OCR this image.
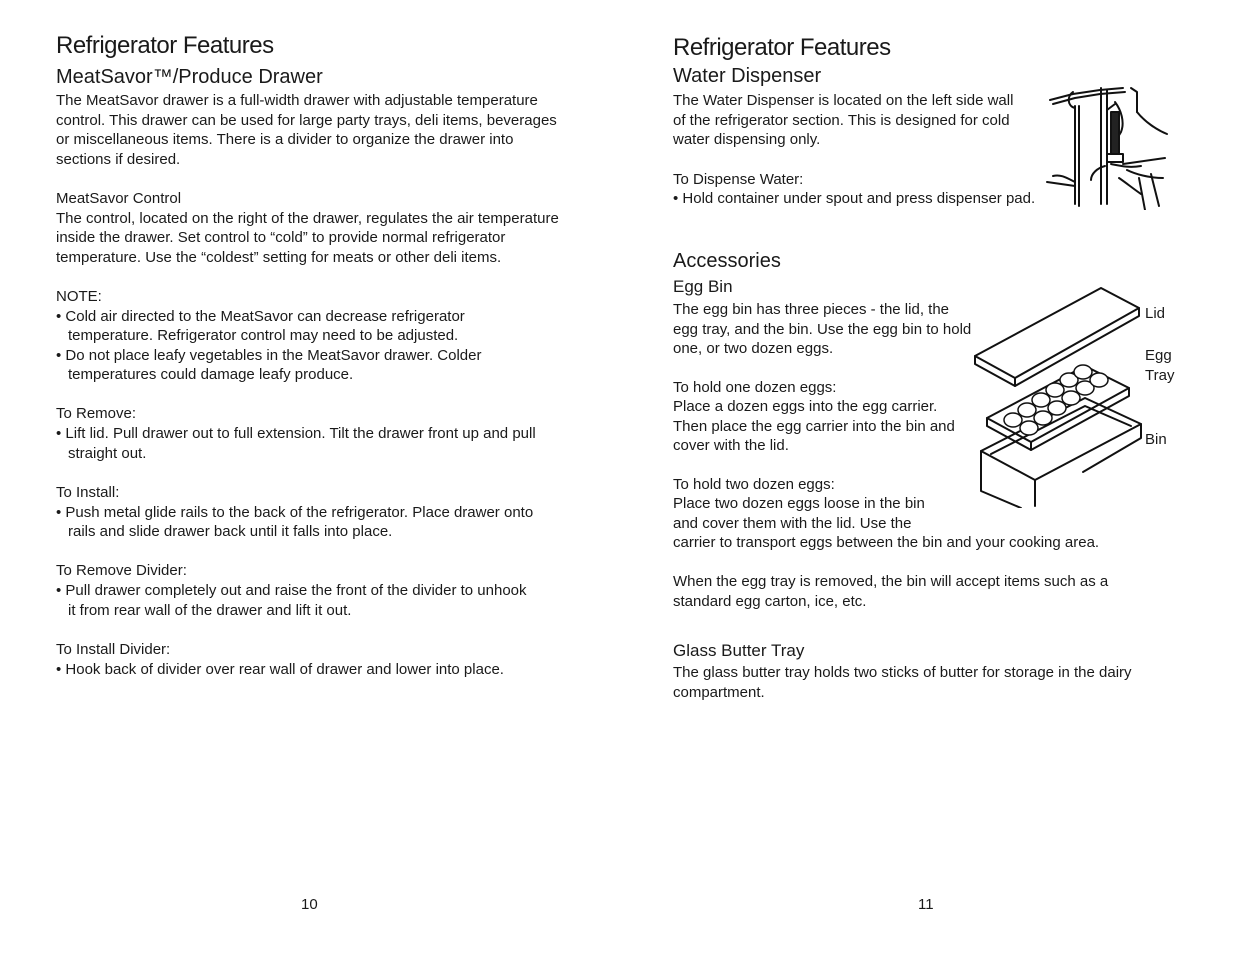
Refrigerator Features
MeatSavor™/Produce Drawer

The MeatSavor drawer is a full-width drawer with adjustable temperature control. This drawer can be used for large party trays, deli items, beverages or miscellaneous items. There is a divider to organize the drawer into sections if desired.

MeatSavor Control

The control, located on the right of the drawer, regulates the air temperature inside the drawer. Set control to “cold” to provide normal refrigerator temperature. Use the “coldest” setting for meats or other deli items.

NOTE:
• Cold air directed to the MeatSavor can decrease refrigerator temperature. Refrigerator control may need to be adjusted.
• Do not place leafy vegetables in the MeatSavor drawer. Colder temperatures could damage leafy produce.
To Remove:
• Lift lid. Pull drawer out to full extension. Tilt the drawer front up and pull straight out.
To Install:
• Push metal glide rails to the back of the refrigerator. Place drawer onto rails and slide drawer back until it falls into place.
To Remove Divider:
• Pull drawer completely out and raise the front of the divider to unhook it from rear wall of the drawer and lift it out.
To Install Divider:
• Hook back of divider over rear wall of drawer and lower into place.
10
Refrigerator Features
Water Dispenser

The Water Dispenser is located on the left side wall of the refrigerator section. This is designed for cold water dispensing only.

To Dispense Water:
• Hold container under spout and press dispenser pad.
Accessories
Egg Bin

The egg bin has three pieces - the lid, the egg tray, and the bin. Use the egg bin to hold one, or two dozen eggs.

To hold one dozen eggs:

Place a dozen eggs into the egg carrier. Then place the egg carrier into the bin and cover with the lid.

To hold two dozen eggs:

Place two dozen eggs loose in the bin and cover them with the lid. Use the

carrier to transport eggs between the bin and your cooking area.

When the egg tray is removed, the bin will accept items such as a standard egg carton, ice, etc.

Glass Butter Tray

The glass butter tray holds two sticks of butter for storage in the dairy compartment.

Lid
Egg
Tray
Bin
11
